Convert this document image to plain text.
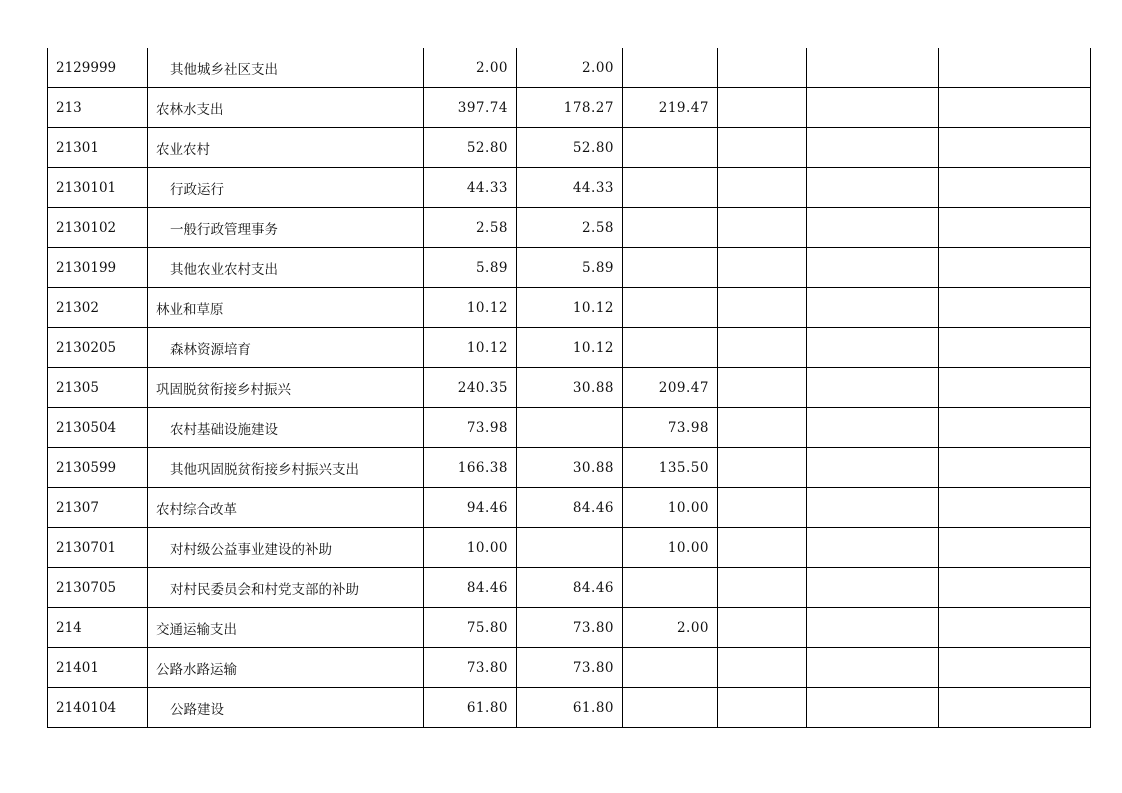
2129999	其他城乡社区支出	2.00	2.00				
213	农林水支出	397.74	178.27	219.47			
21301	农业农村	52.80	52.80				
2130101	行政运行	44.33	44.33				
2130102	一般行政管理事务	2.58	2.58				
2130199	其他农业农村支出	5.89	5.89				
21302	林业和草原	10.12	10.12				
2130205	森林资源培育	10.12	10.12				
21305	巩固脱贫衔接乡村振兴	240.35	30.88	209.47			
2130504	农村基础设施建设	73.98		73.98			
2130599	其他巩固脱贫衔接乡村振兴支出	166.38	30.88	135.50			
21307	农村综合改革	94.46	84.46	10.00			
2130701	对村级公益事业建设的补助	10.00		10.00			
2130705	对村民委员会和村党支部的补助	84.46	84.46				
214	交通运输支出	75.80	73.80	2.00			
21401	公路水路运输	73.80	73.80				
2140104	公路建设	61.80	61.80				
